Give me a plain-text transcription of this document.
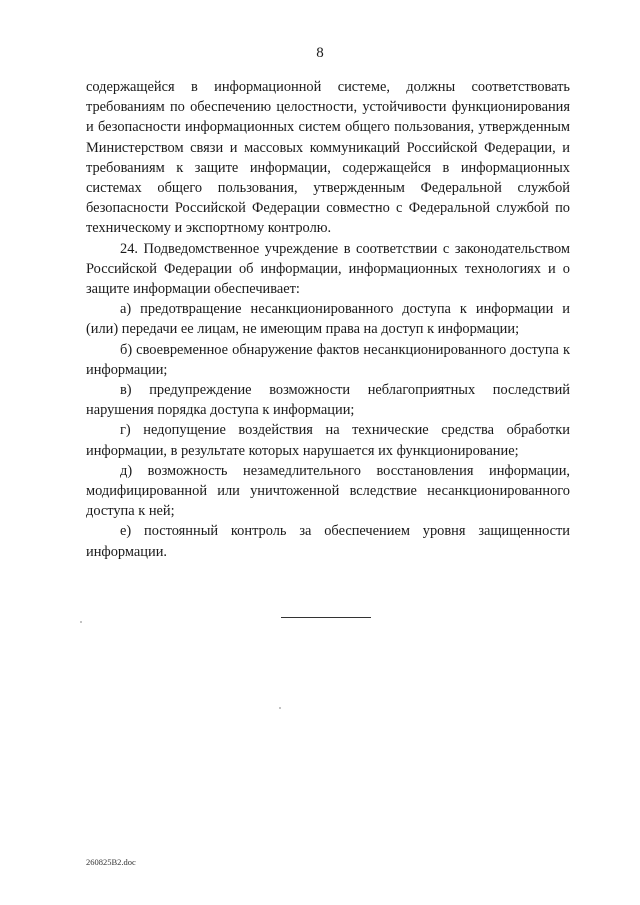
8

содержащейся в информационной системе, должны соответствовать требованиям по обеспечению целостности, устойчивости функционирования и безопасности информационных систем общего пользования, утвержденным Министерством связи и массовых коммуникаций Российской Федерации, и требованиям к защите информации, содержащейся в информационных системах общего пользования, утвержденным Федеральной службой безопасности Российской Федерации совместно с Федеральной службой по техническому и экспортному контролю.

24. Подведомственное учреждение в соответствии с законодательством Российской Федерации об информации, информационных технологиях и о защите информации обеспечивает:

а) предотвращение несанкционированного доступа к информации и (или) передачи ее лицам, не имеющим права на доступ к информации;

б) своевременное обнаружение фактов несанкционированного доступа к информации;

в) предупреждение возможности неблагоприятных последствий нарушения порядка доступа к информации;

г) недопущение воздействия на технические средства обработки информации, в результате которых нарушается их функционирование;

д) возможность незамедлительного восстановления информации, модифицированной или уничтоженной вследствие несанкционированного доступа к ней;

е) постоянный контроль за обеспечением уровня защищенности информации.

260825В2.doc
